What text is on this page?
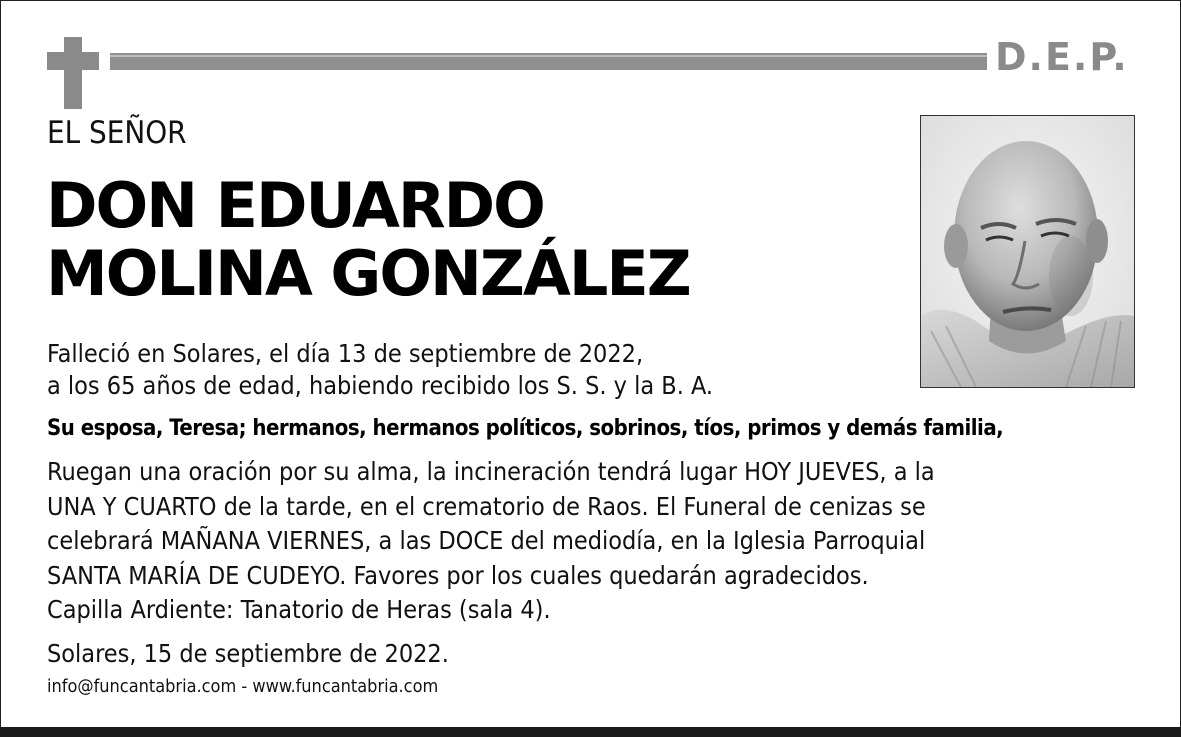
D.E.P.
EL SEÑOR
DON EDUARDO
MOLINA GONZÁLEZ
Falleció en Solares, el día 13 de septiembre de 2022,
a los 65 años de edad, habiendo recibido los S. S. y la B. A.
Su esposa, Teresa; hermanos, hermanos políticos, sobrinos, tíos, primos y demás familia,
Ruegan una oración por su alma, la incineración tendrá lugar HOY JUEVES, a la
UNA Y CUARTO de la tarde, en el crematorio de Raos. El Funeral de cenizas se
celebrará MAÑANA VIERNES, a las DOCE del mediodía, en la Iglesia Parroquial
SANTA MARÍA DE CUDEYO. Favores por los cuales quedarán agradecidos.
Capilla Ardiente: Tanatorio de Heras (sala 4).
Solares, 15 de septiembre de 2022.
info@funcantabria.com - www.funcantabria.com
